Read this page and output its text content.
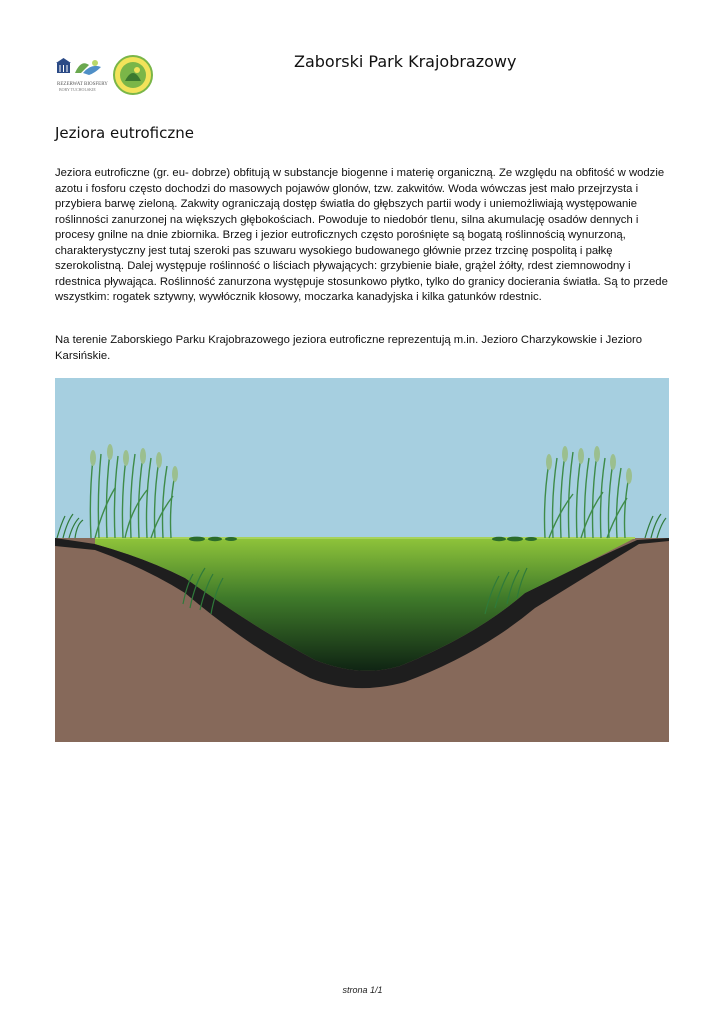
REZERWAT BIOSFERY
BORY TUCHOLSKIE
Zaborski Park Krajobrazowy
Jeziora eutroficzne
Jeziora eutroficzne (gr. eu- dobrze) obfitują w substancje biogenne i materię organiczną. Ze względu na obfitość w wodzie azotu i fosforu często dochodzi do masowych pojawów glonów, tzw. zakwitów. Woda wówczas jest mało przejrzysta i przybiera barwę zieloną. Zakwity ograniczają dostęp światła do głębszych partii wody i uniemożliwiają występowanie roślinności zanurzonej na większych głębokościach. Powoduje to niedobór tlenu, silna akumulację osadów dennych i procesy gnilne na dnie zbiornika. Brzeg i jezior eutroficznych często porośnięte są bogatą roślinnością wynurzoną, charakterystyczny jest tutaj szeroki pas szuwaru wysokiego budowanego głównie przez trzcinę pospolitą i pałkę szerokolistną. Dalej występuje roślinność o liściach pływających: grzybienie białe, grążel żółty, rdest ziemnowodny i rdestnica pływająca. Roślinność zanurzona występuje stosunkowo płytko, tylko do granicy docierania światła. Są to przede wszystkim: rogatek sztywny, wywłócznik kłosowy, moczarka kanadyjska i kilka gatunków rdestnic.
Na terenie Zaborskiego Parku Krajobrazowego jeziora eutroficzne reprezentują m.in. Jezioro Charzykowskie i Jezioro Karsińskie.
strona 1/1
